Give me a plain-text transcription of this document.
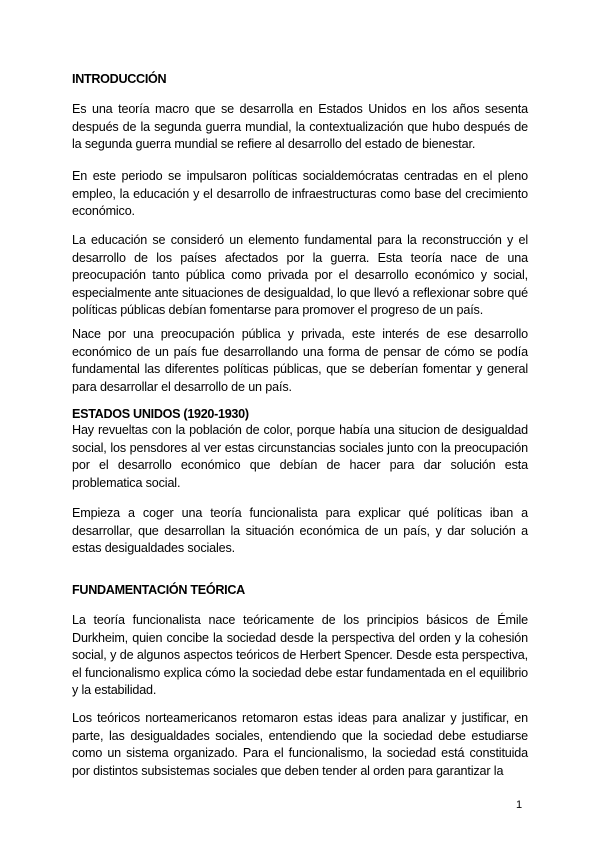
INTRODUCCIÓN

Es una teoría macro que se desarrolla en Estados Unidos en los años sesenta después de la segunda guerra mundial, la contextualización que hubo después de la segunda guerra mundial se refiere al desarrollo del estado de bienestar.

En este periodo se impulsaron políticas socialdemócratas centradas en el pleno empleo, la educación y el desarrollo de infraestructuras como base del crecimiento económico.

La educación se consideró un elemento fundamental para la reconstrucción y el desarrollo de los países afectados por la guerra. Esta teoría nace de una preocupación tanto pública como privada por el desarrollo económico y social, especialmente ante situaciones de desigualdad, lo que llevó a reflexionar sobre qué políticas públicas debían fomentarse para promover el progreso de un país.

Nace por una preocupación pública y privada, este interés de ese desarrollo económico de un país fue desarrollando una forma de pensar de cómo se podía fundamental las diferentes políticas públicas, que se deberían fomentar y general para desarrollar el desarrollo de un país.

ESTADOS UNIDOS (1920-1930)

Hay revueltas con la población de color, porque había una situcion de desigualdad social, los pensdores al ver estas circunstancias sociales junto con la preocupación por el desarrollo económico que debían de hacer para dar solución esta problematica social.

Empieza a coger una teoría funcionalista para explicar qué políticas iban a desarrollar, que desarrollan la situación económica de un país, y dar solución a estas desigualdades sociales.

FUNDAMENTACIÓN TEÓRICA

La teoría funcionalista nace teóricamente de los principios básicos de Émile Durkheim, quien concibe la sociedad desde la perspectiva del orden y la cohesión social, y de algunos aspectos teóricos de Herbert Spencer. Desde esta perspectiva, el funcionalismo explica cómo la sociedad debe estar fundamentada en el equilibrio y la estabilidad.

Los teóricos norteamericanos retomaron estas ideas para analizar y justificar, en parte, las desigualdades sociales, entendiendo que la sociedad debe estudiarse como un sistema organizado. Para el funcionalismo, la sociedad está constituida por distintos subsistemas sociales que deben tender al orden para garantizar la

1
